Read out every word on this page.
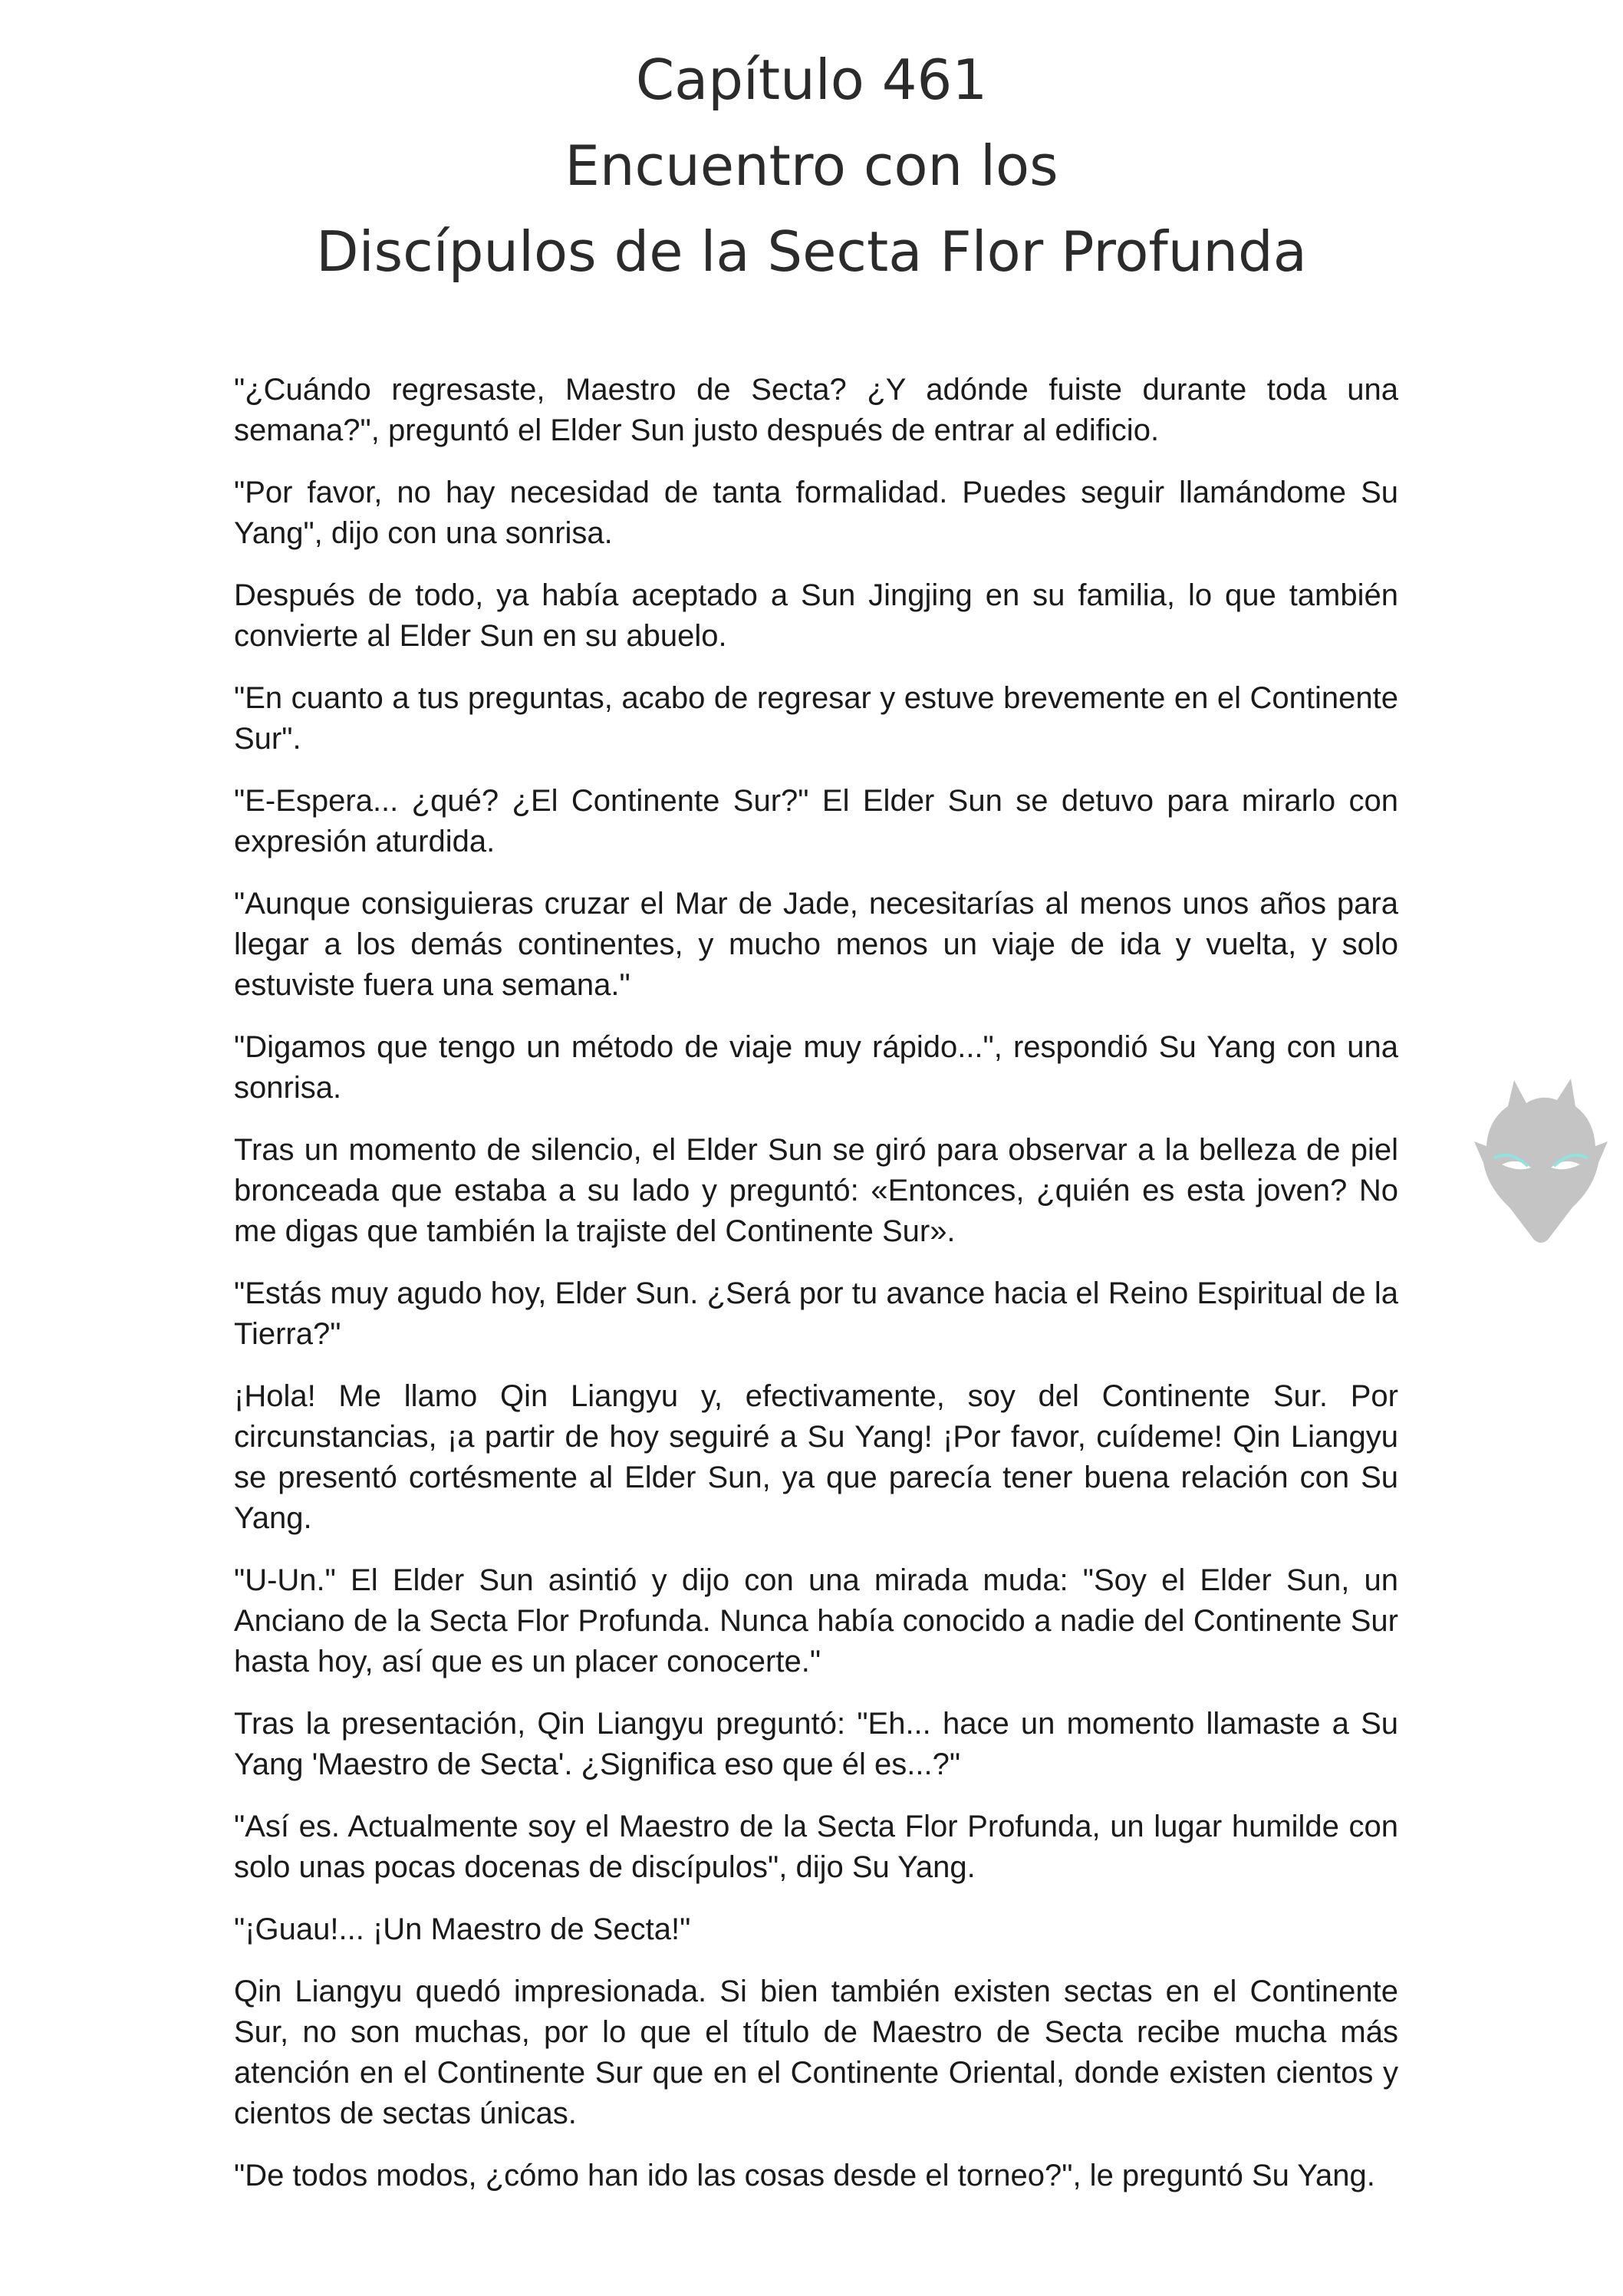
Capítulo 461
Encuentro con los
Discípulos de la Secta Flor Profunda

"¿Cuándo regresaste, Maestro de Secta? ¿Y adónde fuiste durante toda una semana?", preguntó el Elder Sun justo después de entrar al edificio.

"Por favor, no hay necesidad de tanta formalidad. Puedes seguir llamándome Su Yang", dijo con una sonrisa.

Después de todo, ya había aceptado a Sun Jingjing en su familia, lo que también convierte al Elder Sun en su abuelo.

"En cuanto a tus preguntas, acabo de regresar y estuve brevemente en el Continente Sur".

"E-Espera... ¿qué? ¿El Continente Sur?" El Elder Sun se detuvo para mirarlo con expresión aturdida.

"Aunque consiguieras cruzar el Mar de Jade, necesitarías al menos unos años para llegar a los demás continentes, y mucho menos un viaje de ida y vuelta, y solo estuviste fuera una semana."

"Digamos que tengo un método de viaje muy rápido...", respondió Su Yang con una sonrisa.

Tras un momento de silencio, el Elder Sun se giró para observar a la belleza de piel bronceada que estaba a su lado y preguntó: «Entonces, ¿quién es esta joven? No me digas que también la trajiste del Continente Sur».

"Estás muy agudo hoy, Elder Sun. ¿Será por tu avance hacia el Reino Espiritual de la Tierra?"

¡Hola! Me llamo Qin Liangyu y, efectivamente, soy del Continente Sur. Por circunstancias, ¡a partir de hoy seguiré a Su Yang! ¡Por favor, cuídeme! Qin Liangyu se presentó cortésmente al Elder Sun, ya que parecía tener buena relación con Su Yang.

"U-Un." El Elder Sun asintió y dijo con una mirada muda: "Soy el Elder Sun, un Anciano de la Secta Flor Profunda. Nunca había conocido a nadie del Continente Sur hasta hoy, así que es un placer conocerte."

Tras la presentación, Qin Liangyu preguntó: "Eh... hace un momento llamaste a Su Yang 'Maestro de Secta'. ¿Significa eso que él es...?"

"Así es. Actualmente soy el Maestro de la Secta Flor Profunda, un lugar humilde con solo unas pocas docenas de discípulos", dijo Su Yang.

"¡Guau!... ¡Un Maestro de Secta!"

Qin Liangyu quedó impresionada. Si bien también existen sectas en el Continente Sur, no son muchas, por lo que el título de Maestro de Secta recibe mucha más atención en el Continente Sur que en el Continente Oriental, donde existen cientos y cientos de sectas únicas.

"De todos modos, ¿cómo han ido las cosas desde el torneo?", le preguntó Su Yang.
